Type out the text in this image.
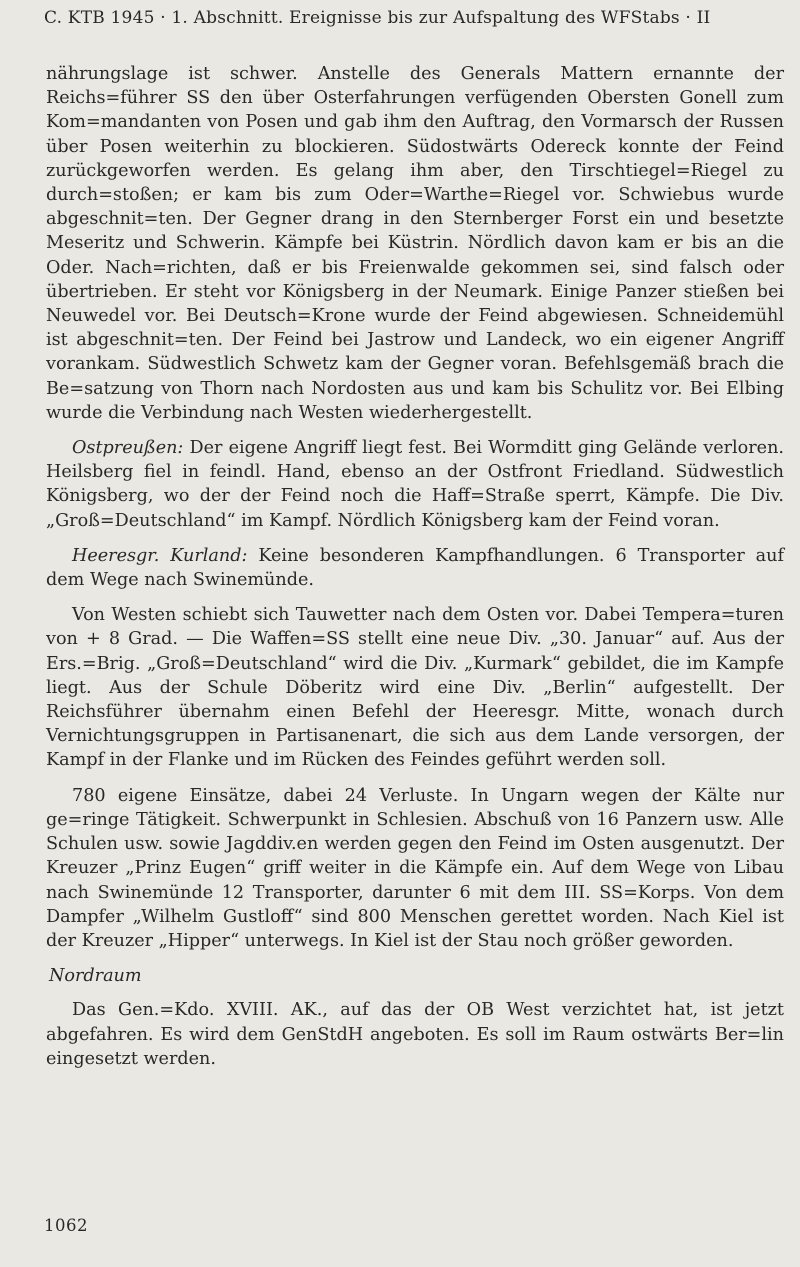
C. KTB 1945 · 1. Abschnitt. Ereignisse bis zur Aufspaltung des WFStabs · II

nährungslage ist schwer. Anstelle des Generals Mattern ernannte der Reichs=führer SS den über Osterfahrungen verfügenden Obersten Gonell zum Kom=mandanten von Posen und gab ihm den Auftrag, den Vormarsch der Russen über Posen weiterhin zu blockieren. Südostwärts Odereck konnte der Feind zurückgeworfen werden. Es gelang ihm aber, den Tirschtiegel=Riegel zu durch=stoßen; er kam bis zum Oder=Warthe=Riegel vor. Schwiebus wurde abgeschnit=ten. Der Gegner drang in den Sternberger Forst ein und besetzte Meseritz und Schwerin. Kämpfe bei Küstrin. Nördlich davon kam er bis an die Oder. Nach=richten, daß er bis Freienwalde gekommen sei, sind falsch oder übertrieben. Er steht vor Königsberg in der Neumark. Einige Panzer stießen bei Neuwedel vor. Bei Deutsch=Krone wurde der Feind abgewiesen. Schneidemühl ist abgeschnit=ten. Der Feind bei Jastrow und Landeck, wo ein eigener Angriff vorankam. Südwestlich Schwetz kam der Gegner voran. Befehlsgemäß brach die Be=satzung von Thorn nach Nordosten aus und kam bis Schulitz vor. Bei Elbing wurde die Verbindung nach Westen wiederhergestellt.

Ostpreußen: Der eigene Angriff liegt fest. Bei Wormditt ging Gelände verloren. Heilsberg fiel in feindl. Hand, ebenso an der Ostfront Friedland. Südwestlich Königsberg, wo der der Feind noch die Haff=Straße sperrt, Kämpfe. Die Div. „Groß=Deutschland“ im Kampf. Nördlich Königsberg kam der Feind voran.

Heeresgr. Kurland: Keine besonderen Kampfhandlungen. 6 Transporter auf dem Wege nach Swinemünde.

Von Westen schiebt sich Tauwetter nach dem Osten vor. Dabei Tempera=turen von + 8 Grad. — Die Waffen=SS stellt eine neue Div. „30. Januar“ auf. Aus der Ers.=Brig. „Groß=Deutschland“ wird die Div. „Kurmark“ gebildet, die im Kampfe liegt. Aus der Schule Döberitz wird eine Div. „Berlin“ aufgestellt. Der Reichsführer übernahm einen Befehl der Heeresgr. Mitte, wonach durch Vernichtungsgruppen in Partisanenart, die sich aus dem Lande versorgen, der Kampf in der Flanke und im Rücken des Feindes geführt werden soll.

780 eigene Einsätze, dabei 24 Verluste. In Ungarn wegen der Kälte nur ge=ringe Tätigkeit. Schwerpunkt in Schlesien. Abschuß von 16 Panzern usw. Alle Schulen usw. sowie Jagddiv.en werden gegen den Feind im Osten ausgenutzt. Der Kreuzer „Prinz Eugen“ griff weiter in die Kämpfe ein. Auf dem Wege von Libau nach Swinemünde 12 Transporter, darunter 6 mit dem III. SS=Korps. Von dem Dampfer „Wilhelm Gustloff“ sind 800 Menschen gerettet worden. Nach Kiel ist der Kreuzer „Hipper“ unterwegs. In Kiel ist der Stau noch größer geworden.

Nordraum

Das Gen.=Kdo. XVIII. AK., auf das der OB West verzichtet hat, ist jetzt abgefahren. Es wird dem GenStdH angeboten. Es soll im Raum ostwärts Ber=lin eingesetzt werden.

1062
